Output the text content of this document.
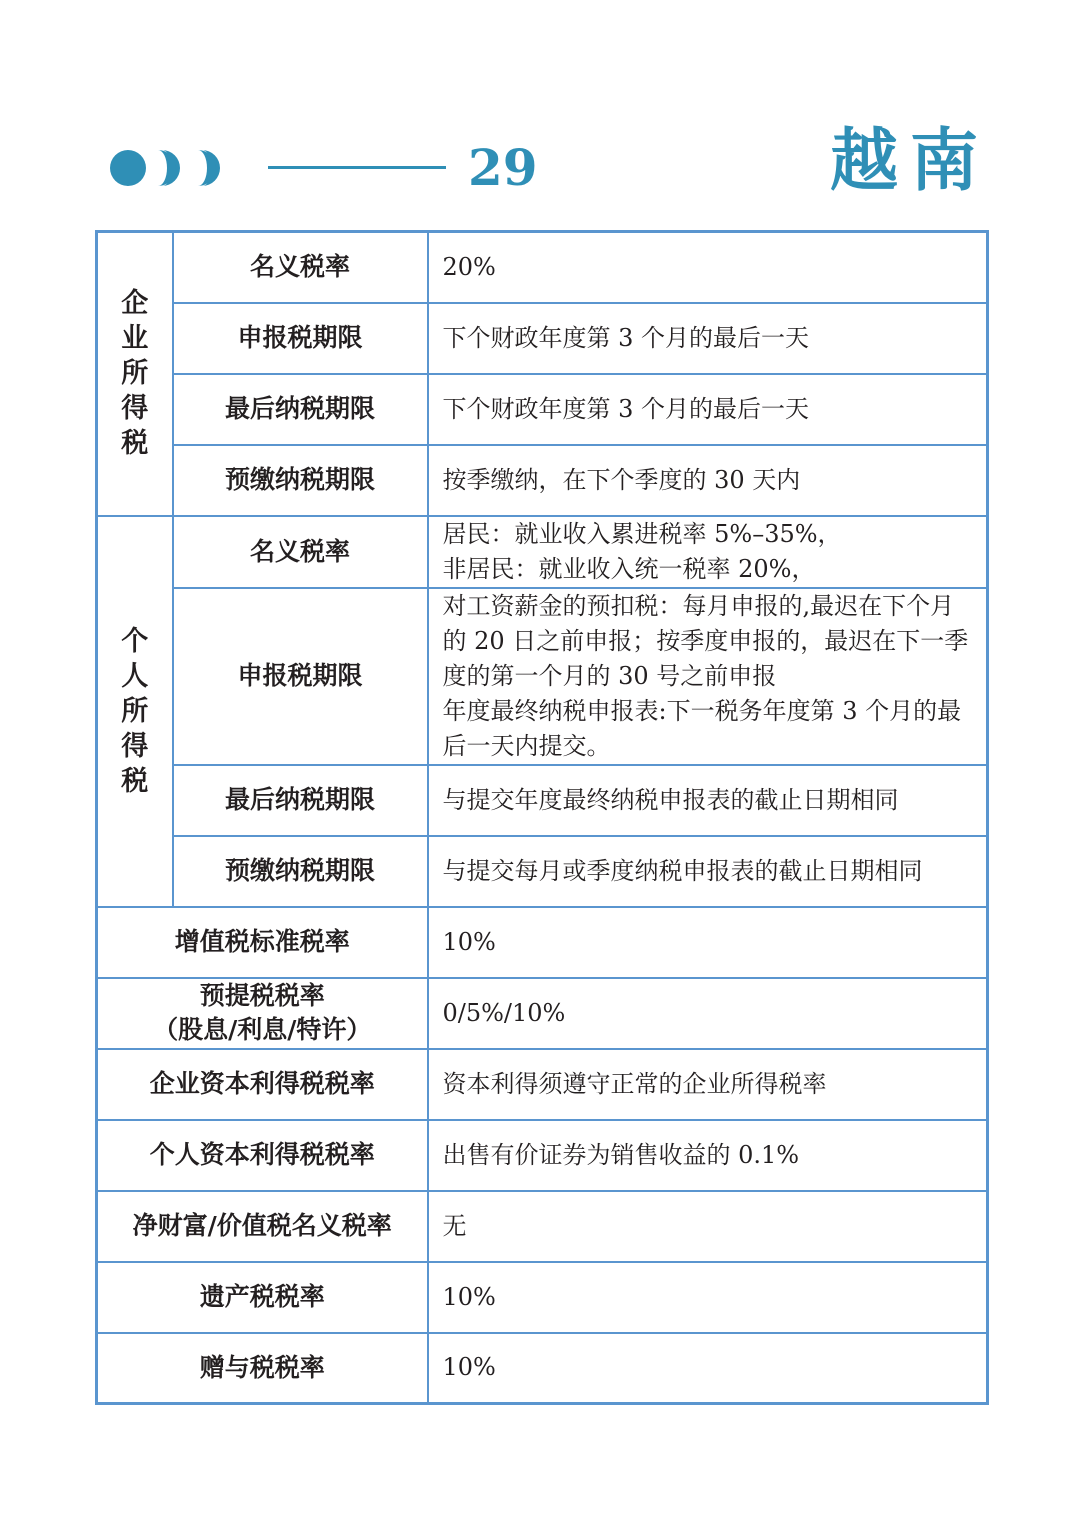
29	越南
企业所得税	名义税率	20%
	申报税期限	下个财政年度第 3 个月的最后一天
	最后纳税期限	下个财政年度第 3 个月的最后一天
	预缴纳税期限	按季缴纳，在下个季度的 30 天内
个人所得税	名义税率	居民：就业收入累进税率 5%–35%，
非居民：就业收入统一税率 20%，

	申报税期限	对工资薪金的预扣税：每月申报的,最迟在下个月的 20 日之前申报；按季度申报的，最迟在下一季度的第一个月的 30 号之前申报
年度最终纳税申报表:下一税务年度第 3 个月的最后一天内提交。

	最后纳税期限	与提交年度最终纳税申报表的截止日期相同
	预缴纳税期限	与提交每月或季度纳税申报表的截止日期相同
增值税标准税率		10%

预提税税率
（股息/利息/特许）		0/5%/10%
企业资本利得税税率		资本利得须遵守正常的企业所得税率
个人资本利得税税率		出售有价证券为销售收益的 0.1%
净财富/价值税名义税率		无
遗产税税率		10%
赠与税税率		10%
